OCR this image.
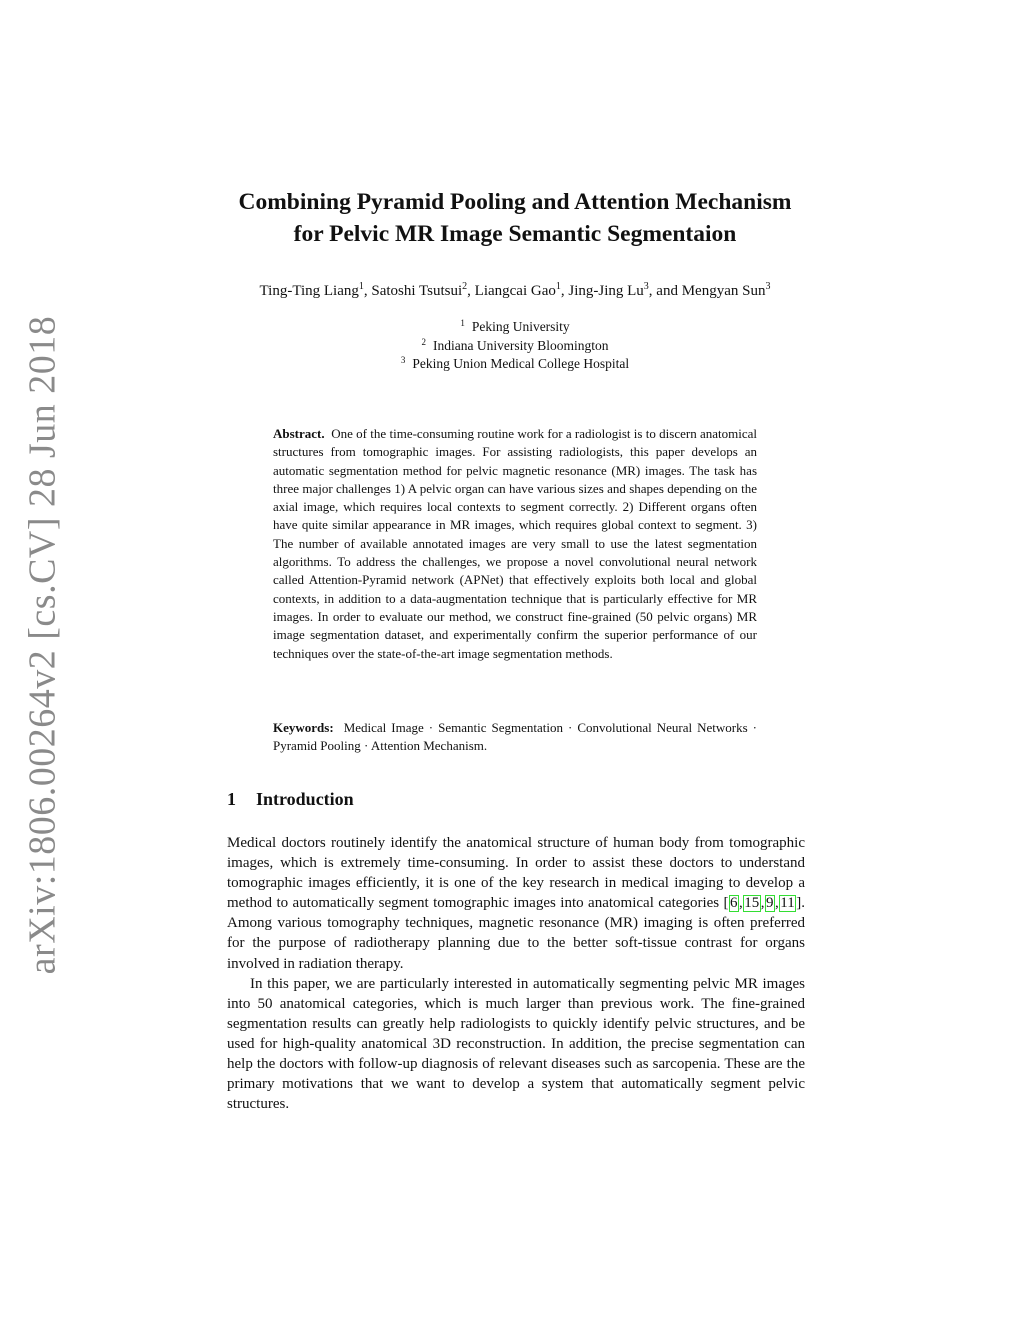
arXiv:1806.00264v2 [cs.CV] 28 Jun 2018
Combining Pyramid Pooling and Attention Mechanism
for Pelvic MR Image Semantic Segmentaion
Ting-Ting Liang$^1$, Satoshi Tsutsui$^2$, Liangcai Gao$^1$, Jing-Jing Lu$^3$, and Mengyan Sun$^3$
$^1$ Peking University
$^2$ Indiana University Bloomington
$^3$ Peking Union Medical College Hospital
Abstract. One of the time-consuming routine work for a radiologist is to discern anatomical structures from tomographic images. For assisting radiologists, this paper develops an automatic segmentation method for pelvic magnetic resonance (MR) images. The task has three major challenges 1) A pelvic organ can have various sizes and shapes depending on the axial image, which requires local contexts to segment correctly. 2) Different organs often have quite similar appearance in MR images, which requires global context to segment. 3) The number of available annotated images are very small to use the latest segmentation algorithms. To address the challenges, we propose a novel convolutional neural network called Attention-Pyramid network (APNet) that effectively exploits both local and global contexts, in addition to a data-augmentation technique that is particularly effective for MR images. In order to evaluate our method, we construct fine-grained (50 pelvic organs) MR image segmentation dataset, and experimentally confirm the superior performance of our techniques over the state-of-the-art image segmentation methods.
Keywords: Medical Image · Semantic Segmentation · Convolutional Neural Networks · Pyramid Pooling · Attention Mechanism.
1 Introduction

Medical doctors routinely identify the anatomical structure of human body from tomographic images, which is extremely time-consuming. In order to assist these doctors to understand tomographic images efficiently, it is one of the key research in medical imaging to develop a method to automatically segment tomographic images into anatomical categories [ 6 , 15 , 9 , 11 ]. Among various tomography techniques, magnetic resonance (MR) imaging is often preferred for the purpose of radiotherapy planning due to the better soft-tissue contrast for organs involved in radiation therapy.

In this paper, we are particularly interested in automatically segmenting pelvic MR images into 50 anatomical categories, which is much larger than previous work. The fine-grained segmentation results can greatly help radiologists to quickly identify pelvic structures, and be used for high-quality anatomical 3D reconstruction. In addition, the precise segmentation can help the doctors with follow-up diagnosis of relevant diseases such as sarcopenia. These are the primary motivations that we want to develop a system that automatically segment pelvic structures.
